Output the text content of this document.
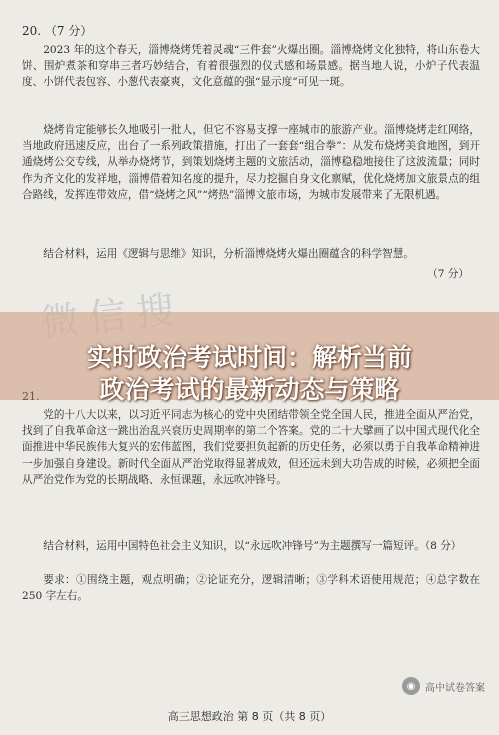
20. （7 分）
2023 年的这个春天，淄博烧烤凭着灵魂“三件套”火爆出圈。淄博烧烤文化独特，将山东卷大饼、围炉煮茶和穿串三者巧妙结合，有着很强烈的仪式感和场景感。据当地人说，小炉子代表温度、小饼代表包容、小葱代表豪爽，文化意蕴的强“显示度”可见一斑。
烧烤肯定能够长久地吸引一批人，但它不容易支撑一座城市的旅游产业。淄博烧烤走红网络，当地政府迅速反应，出台了一系列政策措施，打出了一套套“组合拳”：从发布烧烤美食地图，到开通烧烤公交专线，从举办烧烤节，到策划烧烤主题的文旅活动，淄博稳稳地接住了这波流量；同时作为齐文化的发祥地，淄博借着知名度的提升，尽力挖掘自身文化禀赋，优化烧烤加文旅景点的组合路线，发挥连带效应，借“烧烤之风”“烤热”淄博文旅市场，为城市发展带来了无限机遇。
结合材料，运用《逻辑与思维》知识，分析淄博烧烤火爆出圈蕴含的科学智慧。
（7 分）
实时政治考试时间：解析当前
政治考试的最新动态与策略
21.
党的十八大以来，以习近平同志为核心的党中央团结带领全党全国人民，推进全面从严治党，找到了自我革命这一跳出治乱兴衰历史周期率的第二个答案。党的二十大擘画了以中国式现代化全面推进中华民族伟大复兴的宏伟蓝图，我们党要担负起新的历史任务，必须以勇于自我革命精神进一步加强自身建设。新时代全面从严治党取得显著成效，但还远未到大功告成的时候，必须把全面从严治党作为党的长期战略、永恒课题，永远吹冲锋号。
结合材料，运用中国特色社会主义知识，以“永远吹冲锋号”为主题撰写一篇短评。（8 分）
要求：①围绕主题，观点明确；②论证充分，逻辑清晰；③学科术语使用规范；④总字数在 250 字左右。
◉ 高中试卷答案
高三思想政治 第 8 页（共 8 页）
